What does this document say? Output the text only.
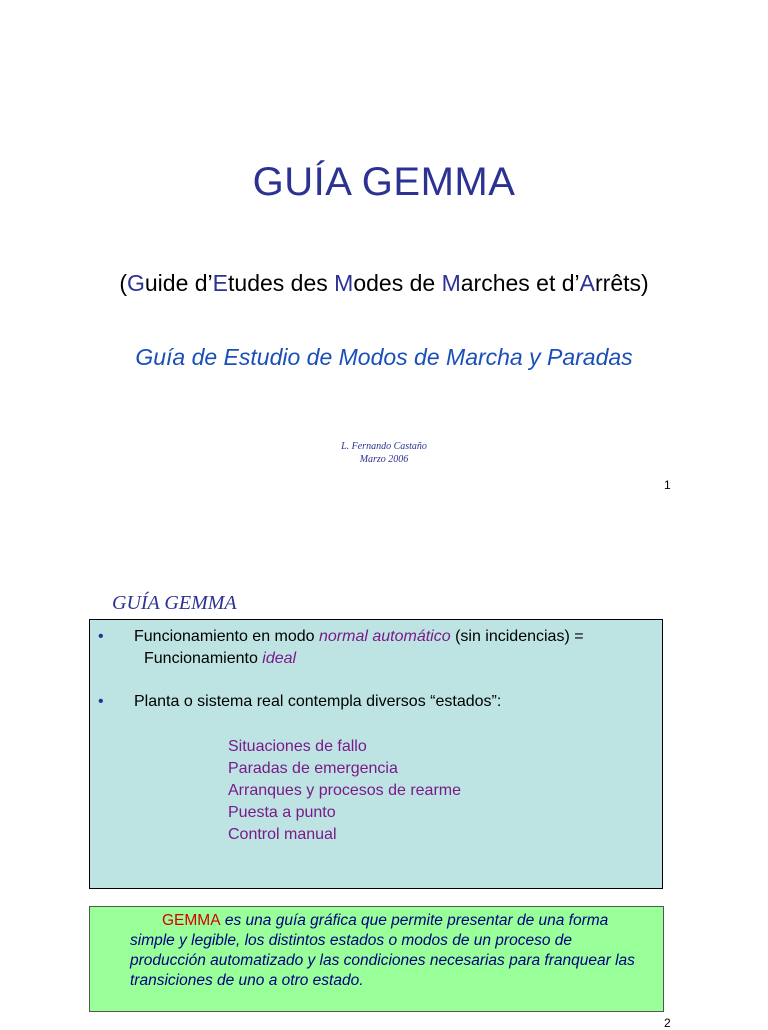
GUÍA GEMMA
(Guide d’Etudes des Modes de Marches et d’Arrêts)
Guía de Estudio de Modos de Marcha y Paradas
L. Fernando Castaño
Marzo 2006
1
GUÍA GEMMA
• Funcionamiento en modo normal automático (sin incidencias) =
Funcionamiento ideal
• Planta o sistema real contempla diversos “estados”:
Situaciones de fallo
Paradas de emergencia
Arranques y procesos de rearme
Puesta a punto
Control manual
GEMMA es una guía gráfica que permite presentar de una forma simple y legible, los distintos estados o modos de un proceso de producción automatizado y las condiciones necesarias para franquear las transiciones de uno a otro estado.
2
